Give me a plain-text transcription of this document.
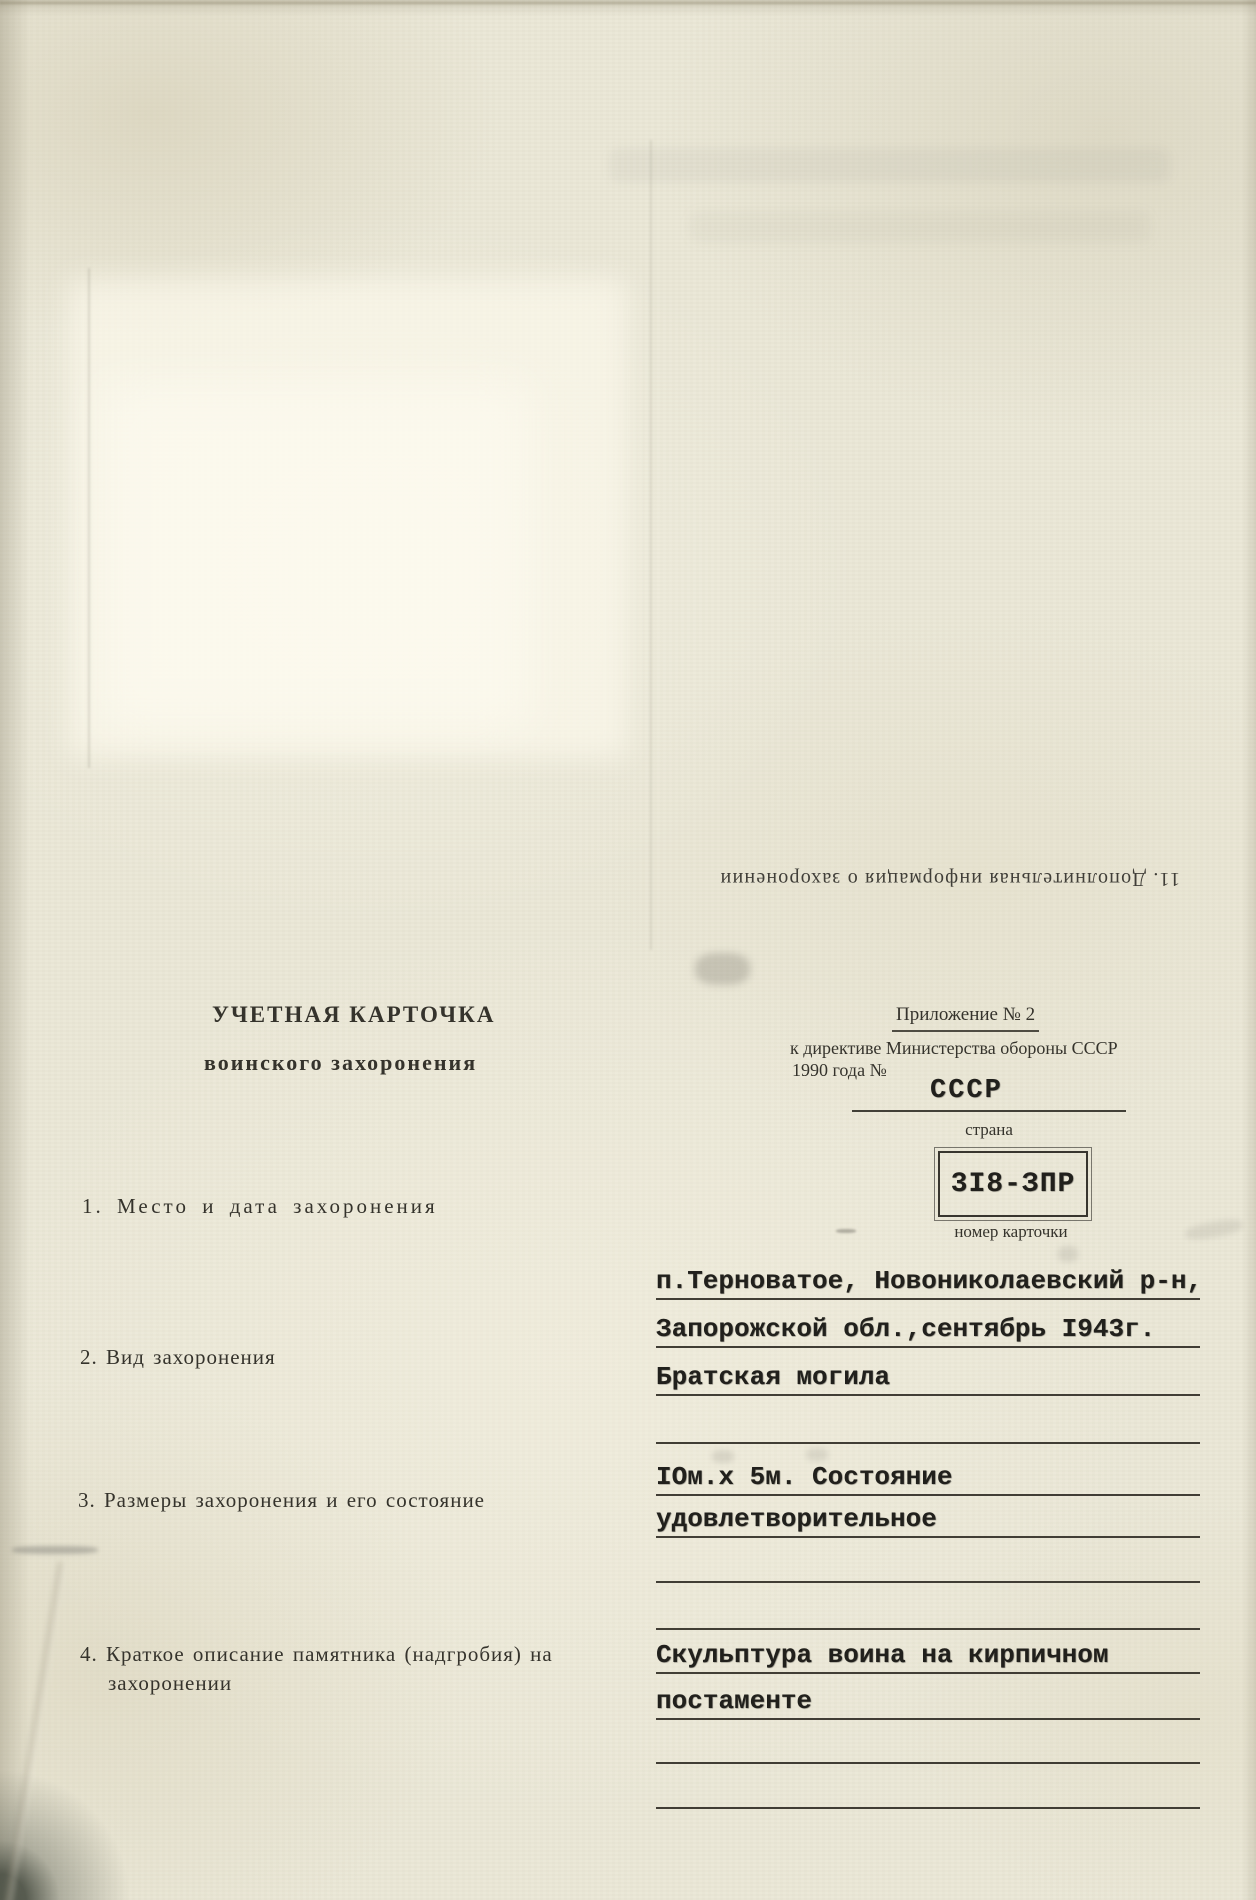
11. Дополнительная информация о захоронении
УЧЕТНАЯ КАРТОЧКА
воинского захоронения
Приложение № 2
к директиве Министерства обороны СССР
1990 года №
СССР
страна
3I8-ЗПР
номер карточки
1. Место и дата захоронения
2. Вид захоронения
3. Размеры захоронения и его состояние
4. Краткое описание памятника (надгробия) на
захоронении
п.Терноватое, Новониколаевский р-н,
Запорожской обл.,сентябрь I943г.
Братская могила
IОм.х 5м. Состояние
удовлетворительное
Скульптура воина на кирпичном
постаменте
